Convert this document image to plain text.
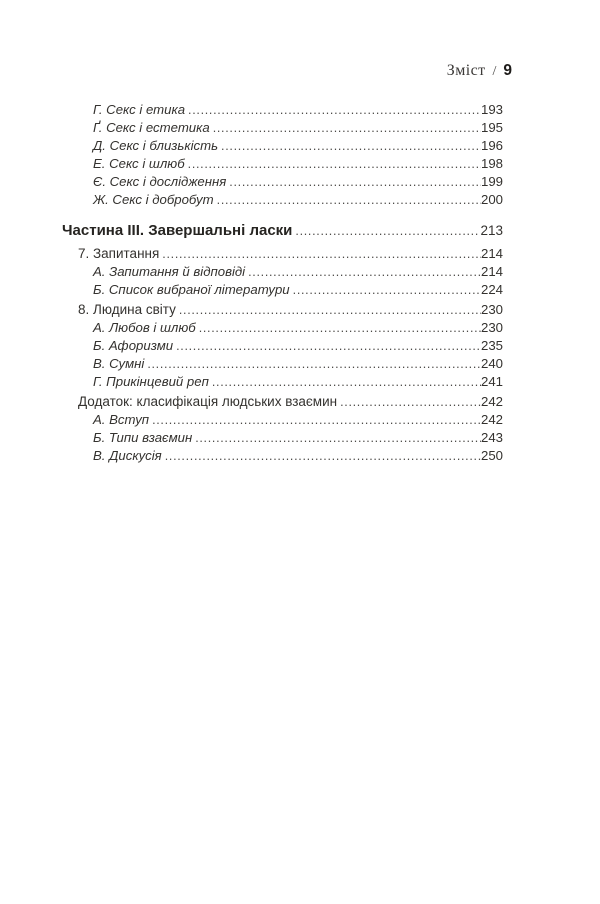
Зміст / 9
Г. Секс і етика .....	193
Ґ. Секс і естетика .....	195
Д. Секс і близькість .....	196
Е. Секс і шлюб .....	198
Є. Секс і дослідження .....	199
Ж. Секс і добробут .....	200
Частина III. Завершальні ласки .....	213
7. Запитання .....	214
А. Запитання й відповіді .....	214
Б. Список вибраної літератури .....	224
8. Людина світу .....	230
А. Любов і шлюб .....	230
Б. Афоризми .....	235
В. Сумні .....	240
Г. Прикінцевий реп .....	241
Додаток: класифікація людських взаємин .....	242
А. Вступ .....	242
Б. Типи взаємин .....	243
В. Дискусія .....	250
